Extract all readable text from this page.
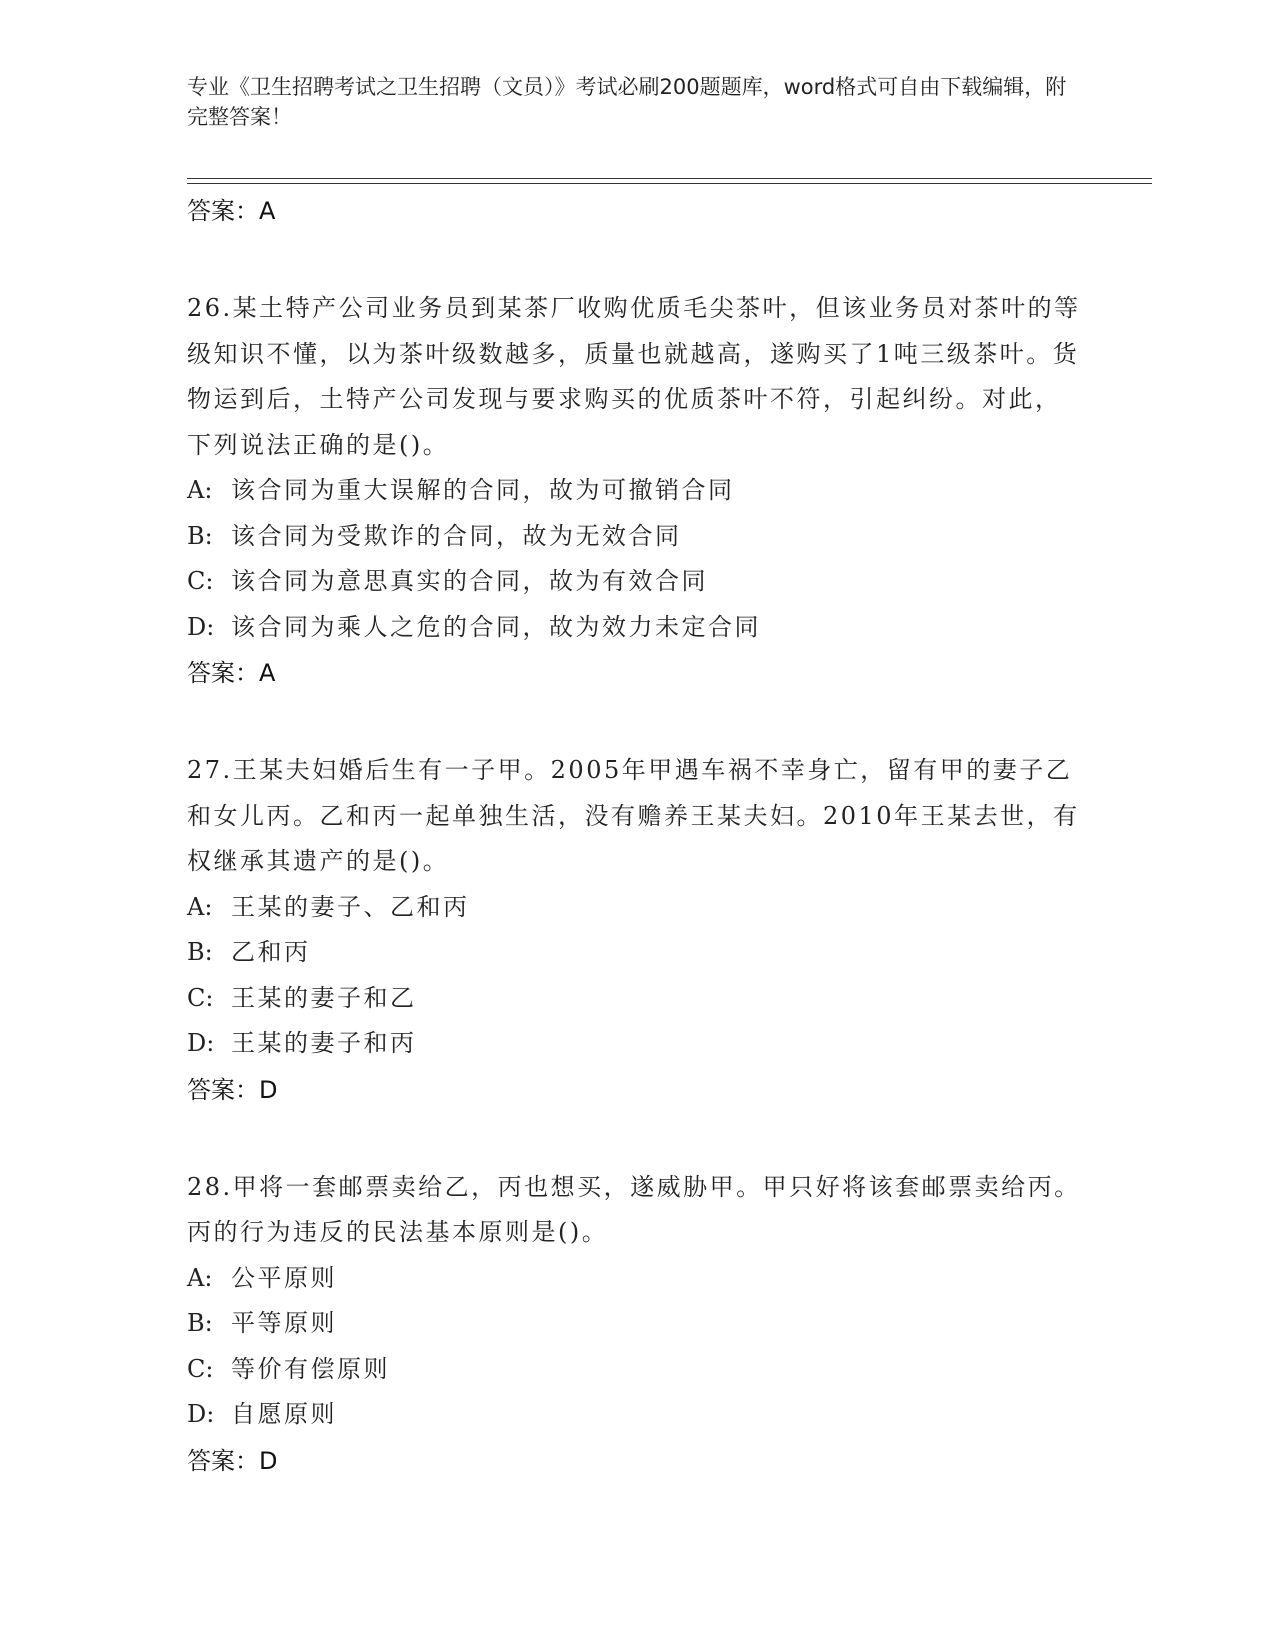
专业《卫生招聘考试之卫生招聘（文员）》考试必刷200题题库，word格式可自由下载编辑，附完整答案！
答案：A

26.某土特产公司业务员到某茶厂收购优质毛尖茶叶，但该业务员对茶叶的等级知识不懂，以为茶叶级数越多，质量也就越高，遂购买了1吨三级茶叶。货物运到后，土特产公司发现与要求购买的优质茶叶不符，引起纠纷。对此，下列说法正确的是()。

A: 该合同为重大误解的合同，故为可撤销合同
B: 该合同为受欺诈的合同，故为无效合同
C: 该合同为意思真实的合同，故为有效合同
D: 该合同为乘人之危的合同，故为效力未定合同
答案：A

27.王某夫妇婚后生有一子甲。2005年甲遇车祸不幸身亡，留有甲的妻子乙和女儿丙。乙和丙一起单独生活，没有赡养王某夫妇。2010年王某去世，有权继承其遗产的是()。

A: 王某的妻子、乙和丙
B: 乙和丙
C: 王某的妻子和乙
D: 王某的妻子和丙
答案：D

28.甲将一套邮票卖给乙，丙也想买，遂威胁甲。甲只好将该套邮票卖给丙。丙的行为违反的民法基本原则是()。

A: 公平原则
B: 平等原则
C: 等价有偿原则
D: 自愿原则
答案：D
